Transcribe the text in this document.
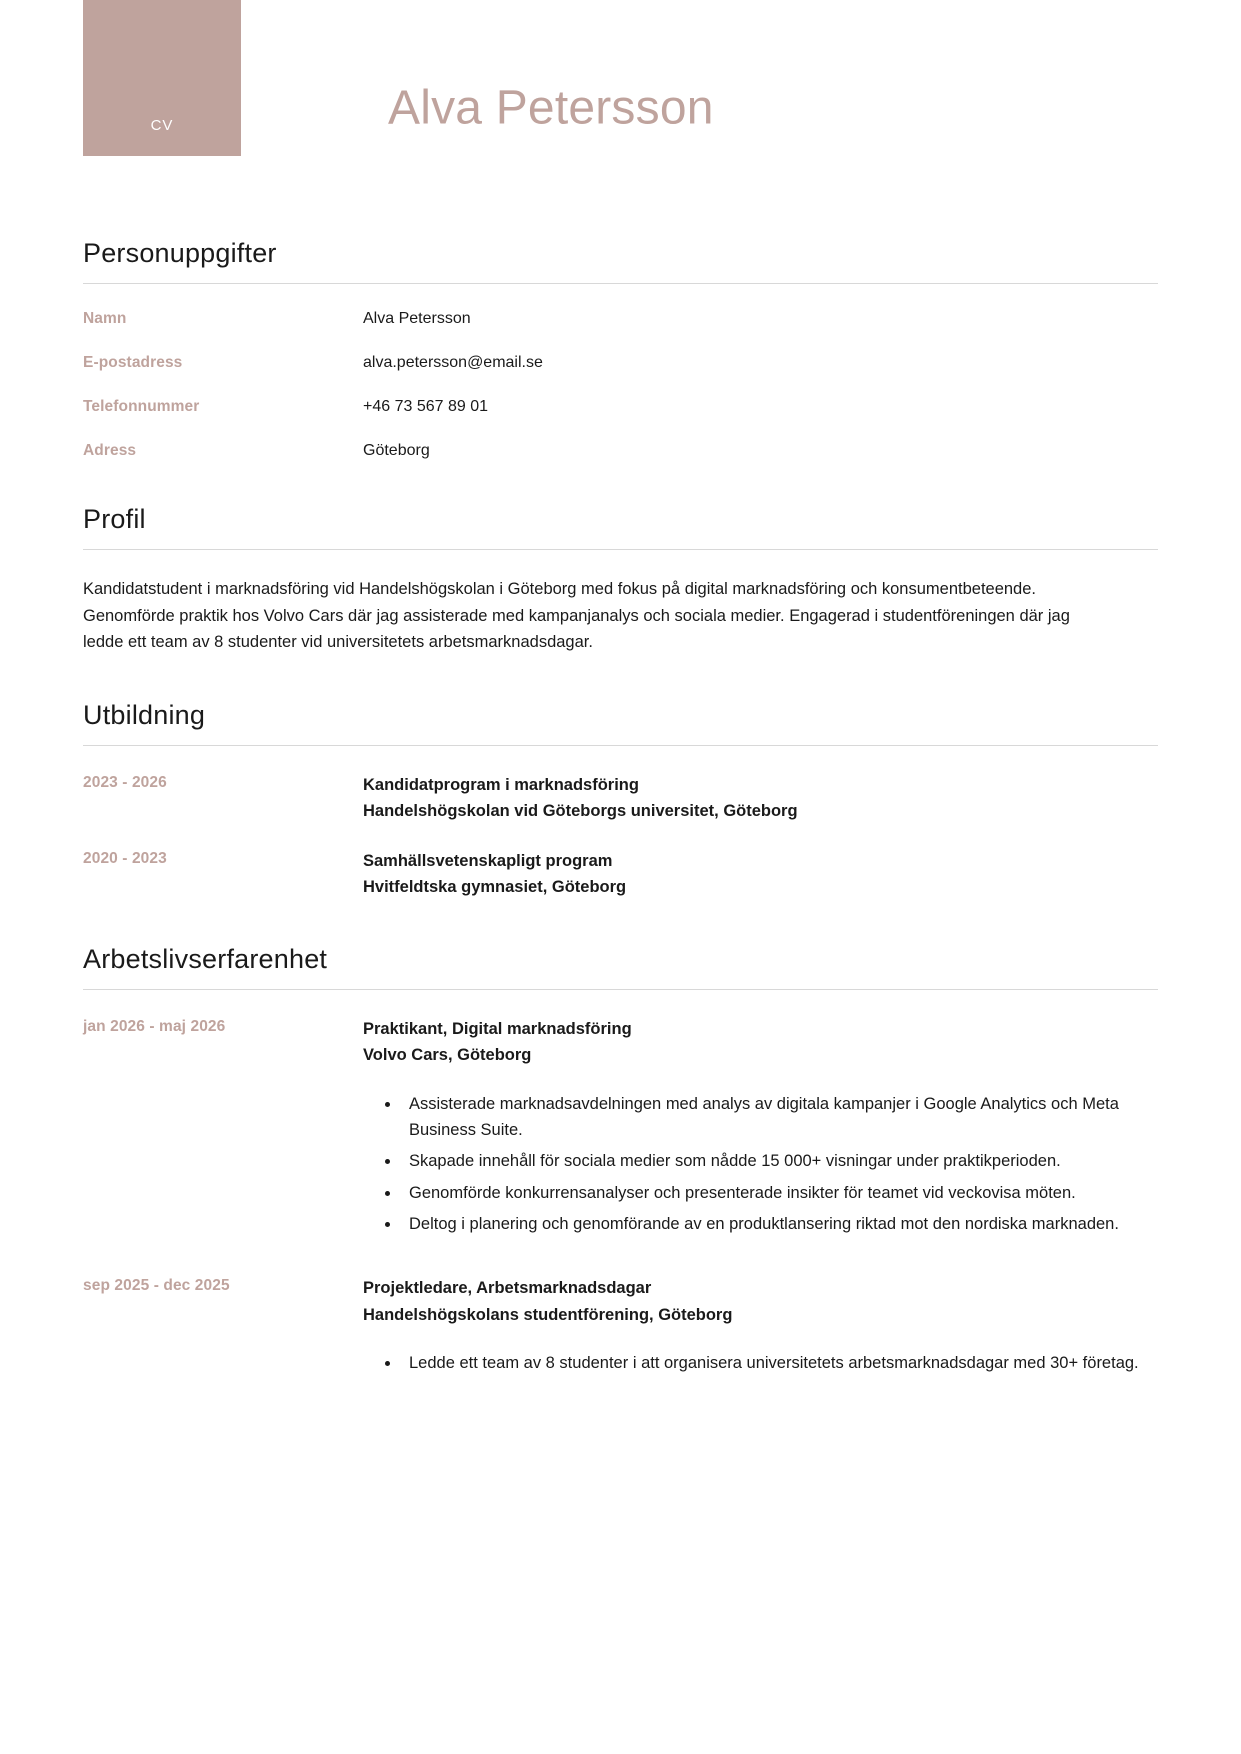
CV	Alva Petersson
Personuppgifter
Namn	Alva Petersson
E-postadress	alva.petersson@email.se
Telefonnummer	+46 73 567 89 01
Adress	Göteborg
Profil

Kandidatstudent i marknadsföring vid Handelshögskolan i Göteborg med fokus på digital marknadsföring och konsumentbeteende. Genomförde praktik hos Volvo Cars där jag assisterade med kampanjanalys och sociala medier. Engagerad i studentföreningen där jag ledde ett team av 8 studenter vid universitetets arbetsmarknadsdagar.

Utbildning
2023 - 2026	Kandidatprogram i marknadsföring
Handelshögskolan vid Göteborgs universitet, Göteborg
2020 - 2023	Samhällsvetenskapligt program
Hvitfeldtska gymnasiet, Göteborg
Arbetslivserfarenhet
jan 2026 - maj 2026	Praktikant, Digital marknadsföring
Volvo Cars, Göteborg
• Assisterade marknadsavdelningen med analys av digitala kampanjer i Google Analytics och Meta Business Suite.
• Skapade innehåll för sociala medier som nådde 15 000+ visningar under praktikperioden.
• Genomförde konkurrensanalyser och presenterade insikter för teamet vid veckovisa möten.
• Deltog i planering och genomförande av en produktlansering riktad mot den nordiska marknaden.
sep 2025 - dec 2025	Projektledare, Arbetsmarknadsdagar
Handelshögskolans studentförening, Göteborg
• Ledde ett team av 8 studenter i att organisera universitetets arbetsmarknadsdagar med 30+ företag.
